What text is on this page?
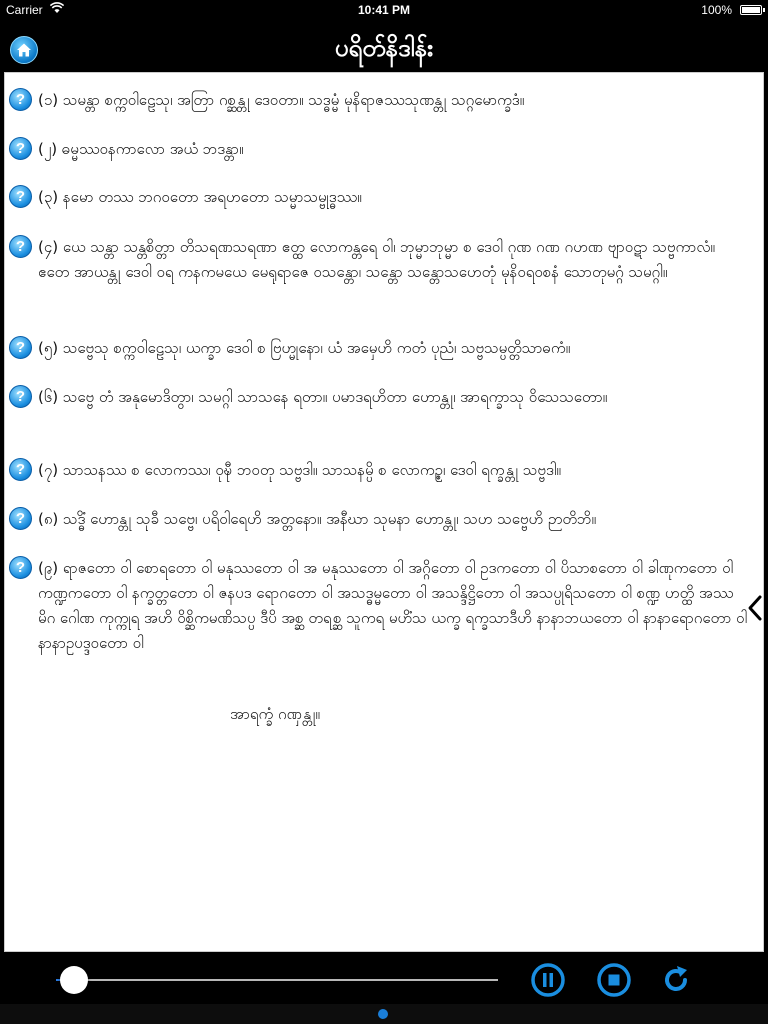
Carrier	10:41 PM	100%
ပရိတ်နိဒါန်း
? (၁) သမန္တာ စက္ကဝါဠေသု၊ အတြာ ဂစ္ဆန္တု ဒေဝတာ။ သဒ္ဓမ္မံ မုနိရာဇဿသုဏန္တု သဂ္ဂမောက္ခဒံ။
? (၂) ဓမ္မဿဝနကာလော အယံ ဘဒန္တာ။
? (၃) နမော တဿ ဘဂဝတော အရဟတော သမ္မာသမ္ဗုဒ္ဓဿ။
? (၄) ယေ သန္တာ သန္တစိတ္တာ တိသရဏသရဏာ ဧတ္ထ လောကန္တရေ ဝါ၊ ဘုမ္မာဘုမ္မာ စ ဒေဝါ ဂုဏ ဂဏ ဂဟဏ ဗျာဝဋာ သဗ္ဗကာလံ။ ဧတေ အာယန္တု ဒေဝါ ဝရ ကနကမယေ မေရုရာဇေ ဝသန္တော၊ သန္တော သန္တောသဟေတုံ မုနိဝရဝစနံ သောတုမဂ္ဂံ သမဂ္ဂါ။
? (၅) သဗ္ဗေသု စက္ကဝါဠေသု၊ ယက္ခာ ဒေဝါ စ ဗြဟ္မုနော၊ ယံ အမှေဟိ ကတံ ပုညံ၊ သဗ္ဗသမ္ပတ္တိသာဓကံ။
? (၆) သဗ္ဗေ တံ အနုမောဒိတွာ၊ သမဂ္ဂါ သာသနေ ရတာ။ ပမာဒရဟိတာ ဟောန္တု၊ အာရက္ခာသု ဝိသေသတော။
? (၇) သာသနဿ စ လောကဿ၊ ဝုဍ္ဎီ ဘဝတု သဗ္ဗဒါ။ သာသနမ္ပိ စ လောကဉ္စ၊ ဒေဝါ ရက္ခန္တု သဗ္ဗဒါ။
? (၈) သဒ္ဓိံ ဟောန္တု သုခီ သဗ္ဗေ၊ ပရိဝါရေဟိ အတ္တနော။ အနီဃာ သုမနာ ဟောန္တု၊ သဟ သဗ္ဗေဟိ ဉာတိဘိ။
? (၉) ရာဇတော ဝါ စောရတော ဝါ မနုဿတော ဝါ အ မနုဿတော ဝါ အဂ္ဂိတော ဝါ ဥဒကတော ဝါ ပိသာစတော ဝါ ခါဏုကတော ဝါ ကဏ္ဍကတော ဝါ နက္ခတ္တတော ဝါ ဇနပဒ ရောဂတော ဝါ အသဒ္ဓမ္မတော ဝါ အသန္ဒိဋ္ဌိတော ဝါ အသပ္ပုရိသတော ဝါ စဏ္ဍ ဟတ္ထိ အဿ မိဂ ဂေါဏ ကုက္ကုရ အဟိ ဝိစ္ဆိကမဏိသပ္ပ ဒီပိ အစ္ဆ တရစ္ဆ သူကရ မဟိံသ ယက္ခ ရက္ခသာဒီဟိ နာနာဘယတော ဝါ နာနာရောဂတော ဝါ နာနာဥပဒ္ဒဝတော ဝါ
အာရက္ခံ ဂဏှန္တု။
